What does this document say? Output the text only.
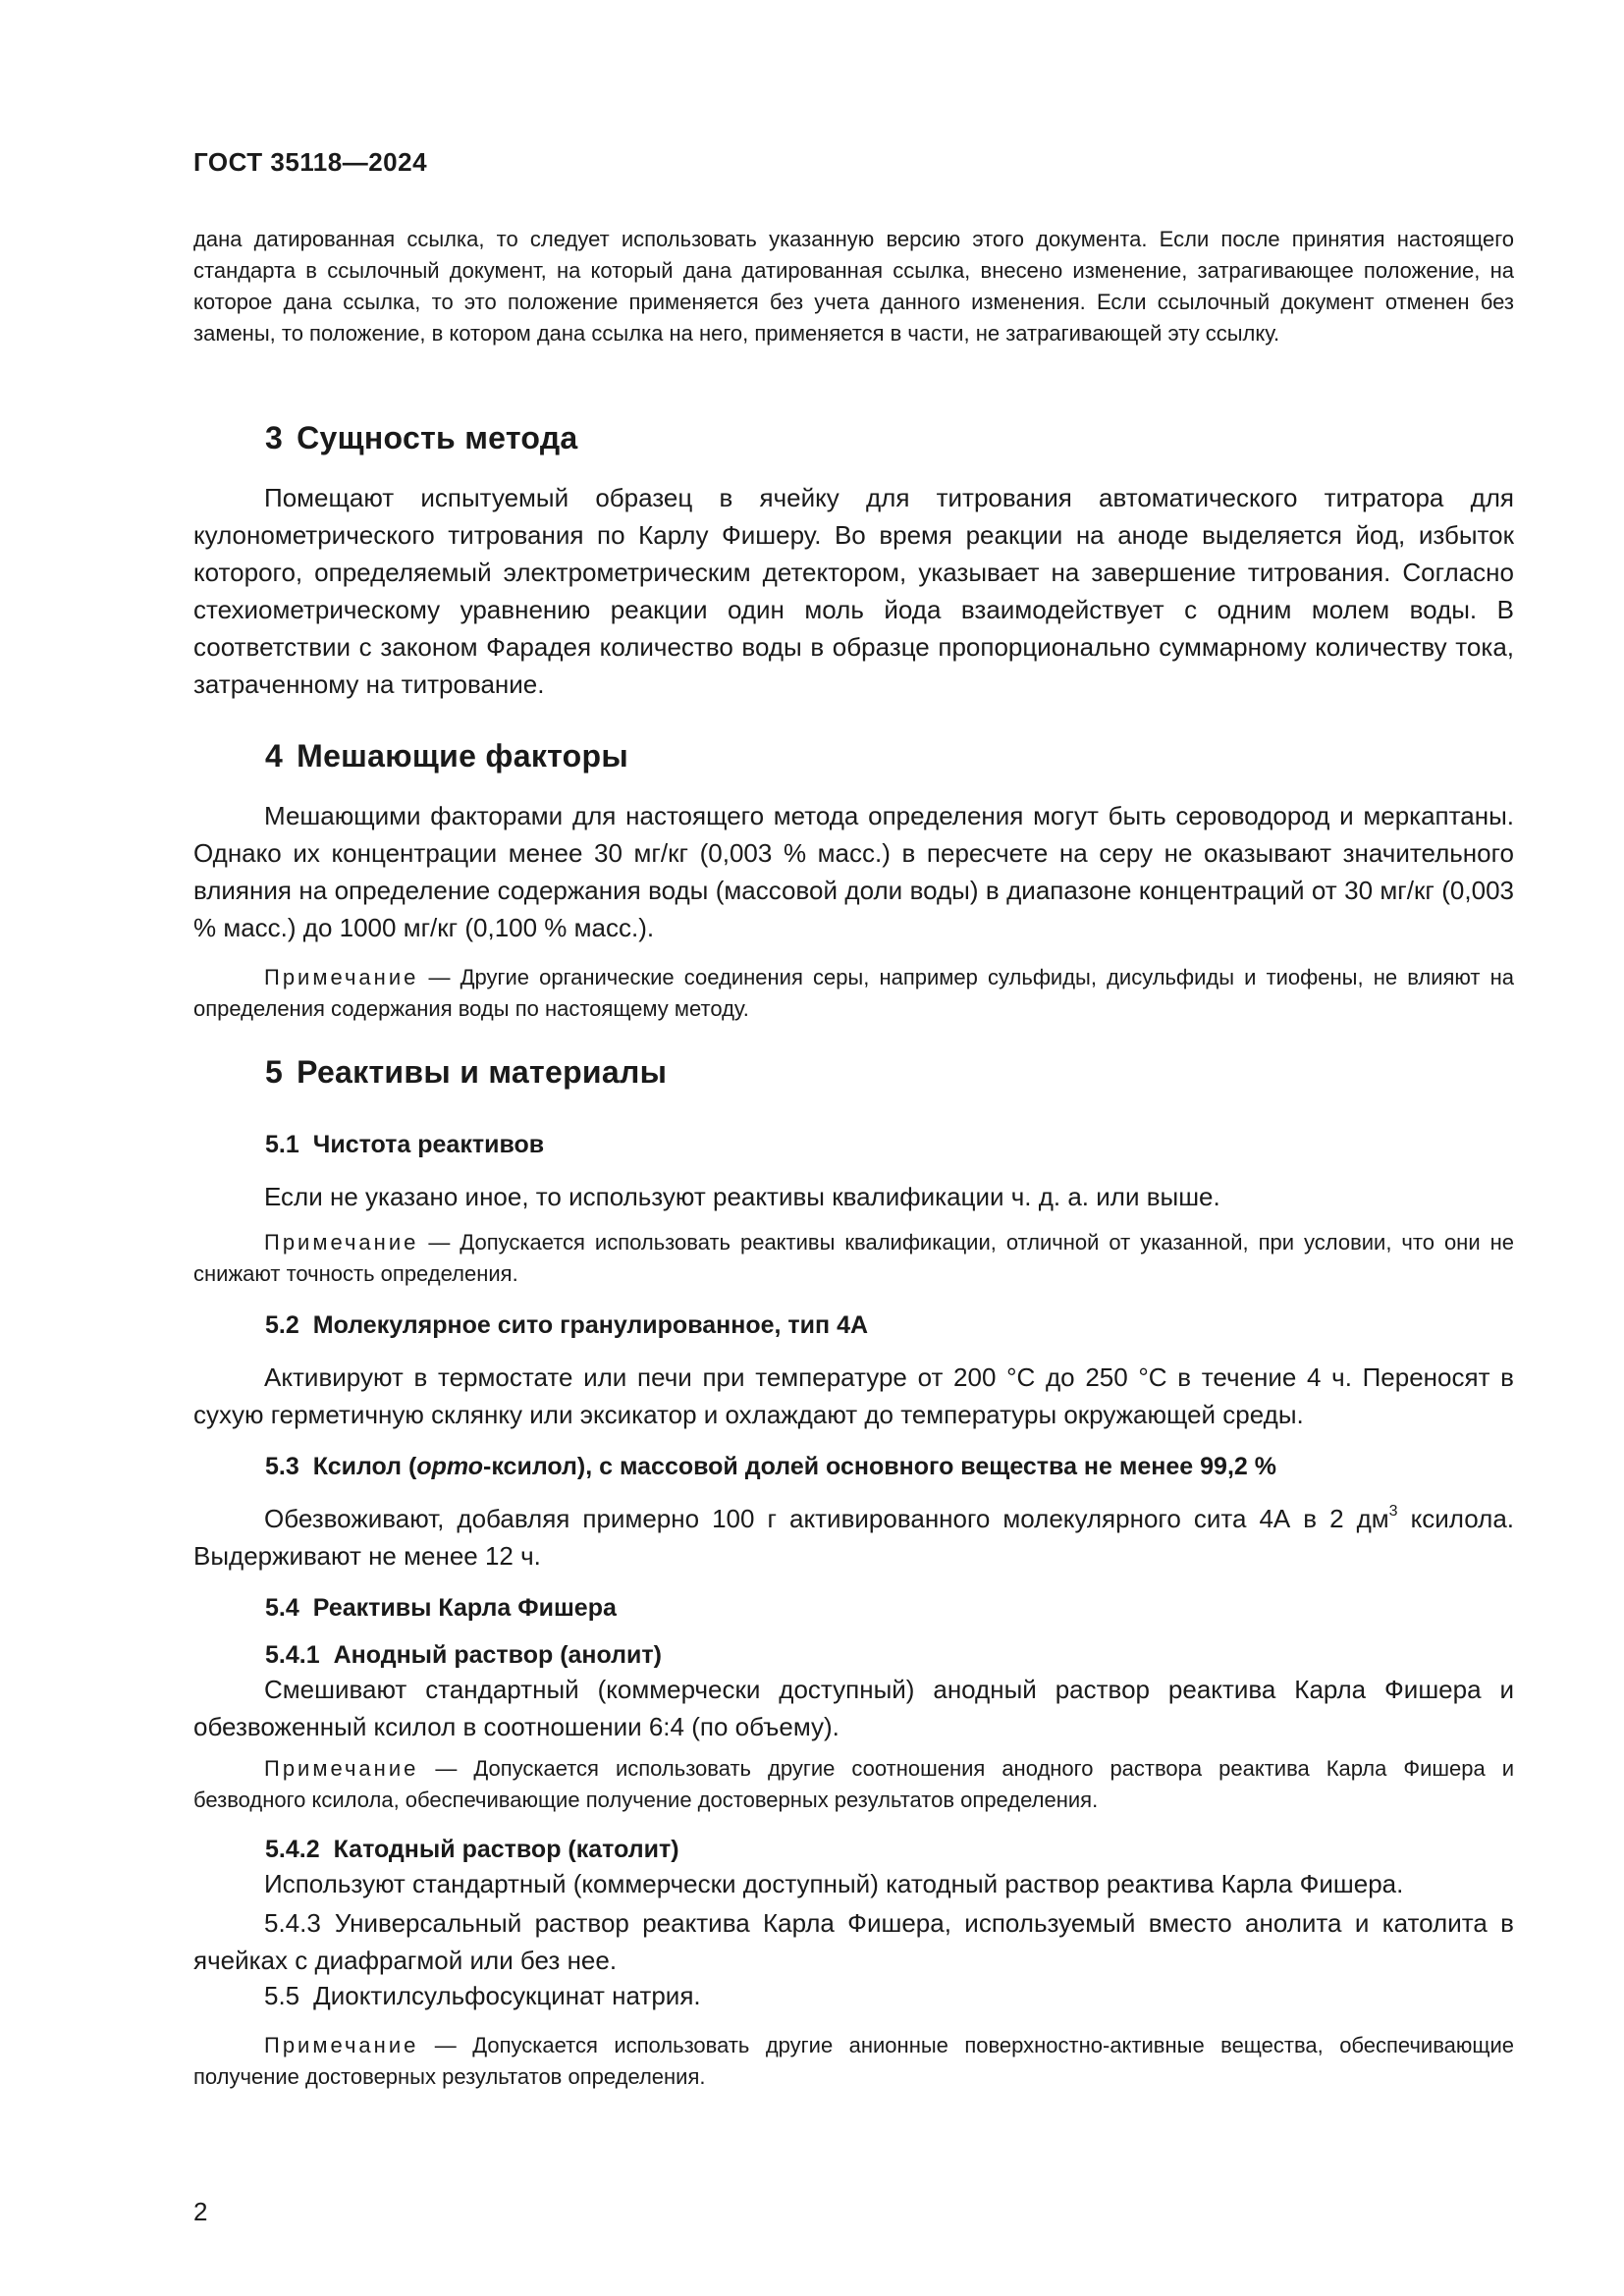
ГОСТ 35118—2024

дана датированная ссылка, то следует использовать указанную версию этого документа. Если после принятия настоящего стандарта в ссылочный документ, на который дана датированная ссылка, внесено изменение, затрагивающее положение, на которое дана ссылка, то это положение применяется без учета данного изменения. Если ссылочный документ отменен без замены, то положение, в котором дана ссылка на него, применяется в части, не затрагивающей эту ссылку.

3 Сущность метода

Помещают испытуемый образец в ячейку для титрования автоматического титратора для кулонометрического титрования по Карлу Фишеру. Во время реакции на аноде выделяется йод, избыток которого, определяемый электрометрическим детектором, указывает на завершение титрования. Согласно стехиометрическому уравнению реакции один моль йода взаимодействует с одним молем воды. В соответствии с законом Фарадея количество воды в образце пропорционально суммарному количеству тока, затраченному на титрование.

4 Мешающие факторы

Мешающими факторами для настоящего метода определения могут быть сероводород и меркаптаны. Однако их концентрации менее 30 мг/кг (0,003 % масс.) в пересчете на серу не оказывают значительного влияния на определение содержания воды (массовой доли воды) в диапазоне концентраций от 30 мг/кг (0,003 % масс.) до 1000 мг/кг (0,100 % масс.).

Примечание — Другие органические соединения серы, например сульфиды, дисульфиды и тиофены, не влияют на определения содержания воды по настоящему методу.

5 Реактивы и материалы
5.1 Чистота реактивов

Если не указано иное, то используют реактивы квалификации ч. д. а. или выше.

Примечание — Допускается использовать реактивы квалификации, отличной от указанной, при условии, что они не снижают точность определения.

5.2 Молекулярное сито гранулированное, тип 4А

Активируют в термостате или печи при температуре от 200 °С до 250 °С в течение 4 ч. Переносят в сухую герметичную склянку или эксикатор и охлаждают до температуры окружающей среды.

5.3 Ксилол (орто-ксилол), с массовой долей основного вещества не менее 99,2 %

Обезвоживают, добавляя примерно 100 г активированного молекулярного сита 4А в 2 $дм^3$ ксилола. Выдерживают не менее 12 ч.

5.4 Реактивы Карла Фишера
5.4.1 Анодный раствор (анолит)

Смешивают стандартный (коммерчески доступный) анодный раствор реактива Карла Фишера и обезвоженный ксилол в соотношении 6:4 (по объему).

Примечание — Допускается использовать другие соотношения анодного раствора реактива Карла Фишера и безводного ксилола, обеспечивающие получение достоверных результатов определения.

5.4.2 Катодный раствор (католит)

Используют стандартный (коммерчески доступный) катодный раствор реактива Карла Фишера.

5.4.3 Универсальный раствор реактива Карла Фишера, используемый вместо анолита и католита в ячейках с диафрагмой или без нее.

5.5 Диоктилсульфосукцинат натрия.

Примечание — Допускается использовать другие анионные поверхностно-активные вещества, обеспечивающие получение достоверных результатов определения.

2
